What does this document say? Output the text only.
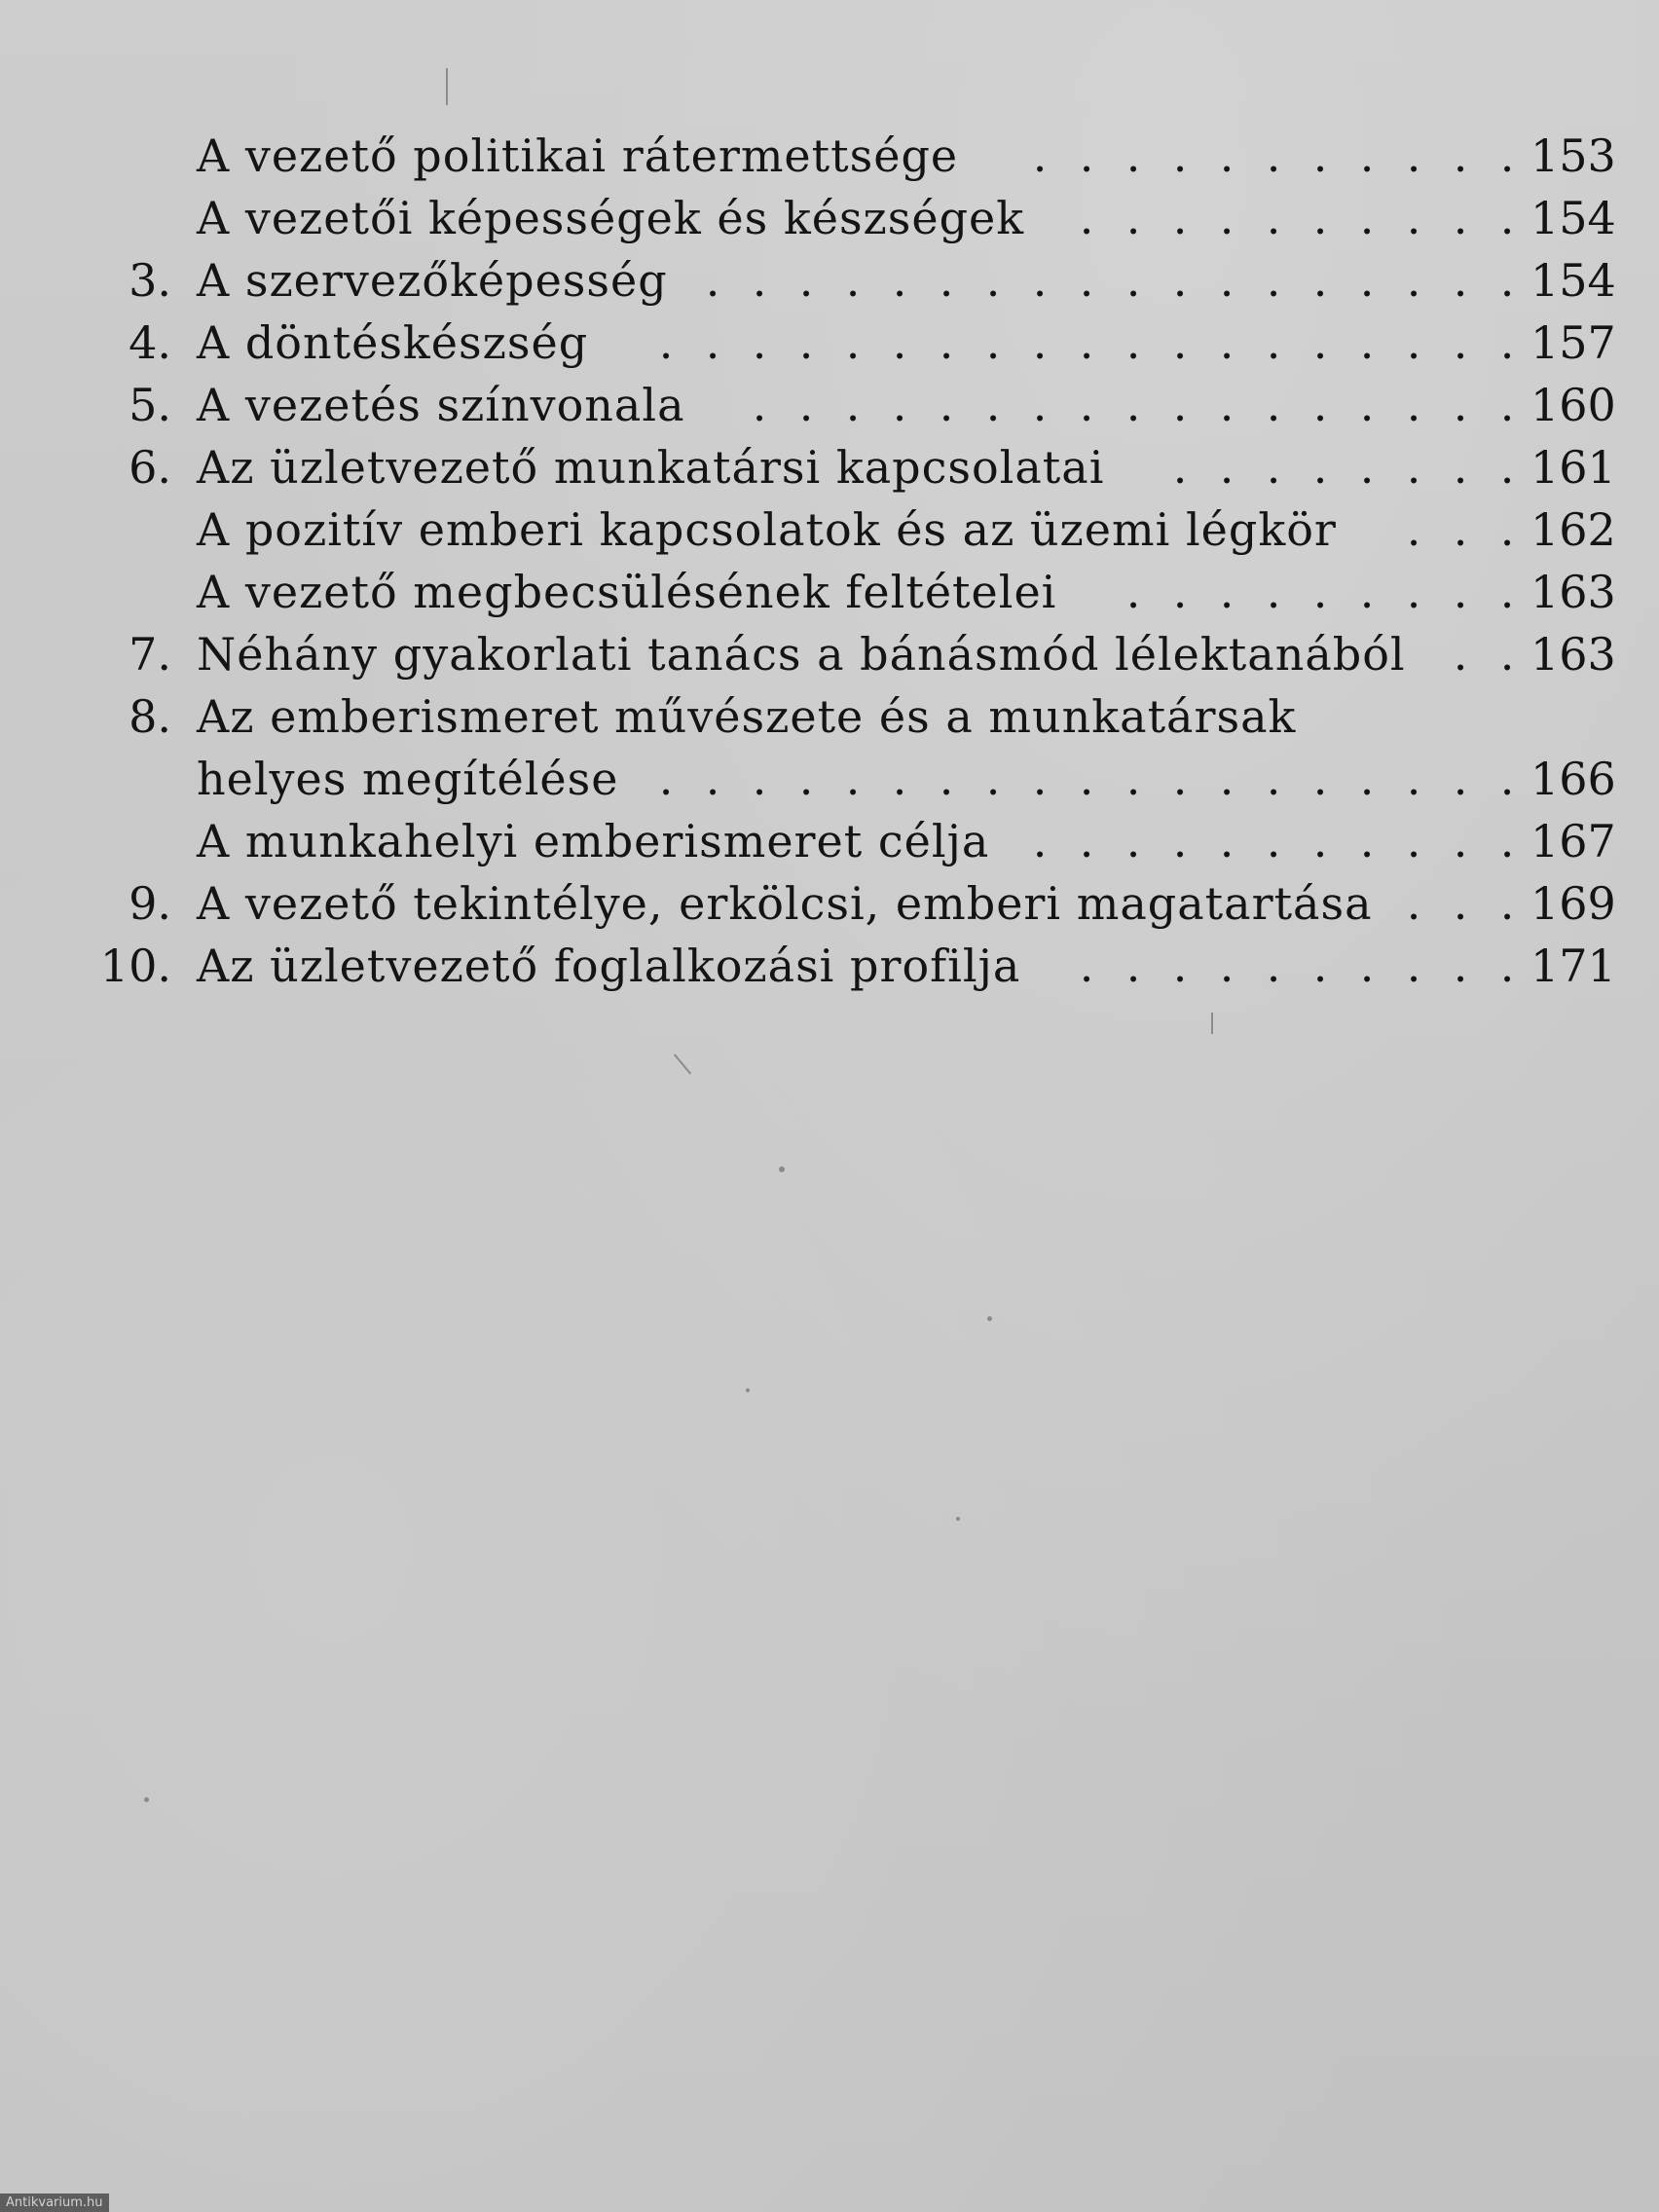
A vezető politikai rátermettsége	. . . . . . . . . . . 153
A vezetői képességek és készségek	. . . . . . . . . . 154
3. A szervezőképesség . . . . . . . . . . . . . . . . . . 154
4. A döntéskészség	. . . . . . . . . . . . . . . . . . . 157
5. A vezetés színvonala	. . . . . . . . . . . . . . . . . 160
6. Az üzletvezető munkatársi kapcsolatai	. . . . . . . . 161
A pozitív emberi kapcsolatok és az üzemi légkör	. . . 162
A vezető megbecsülésének feltételei	. . . . . . . . . 163
7. Néhány gyakorlati tanács a bánásmód lélektanából	. . 163
8. Az emberismeret művészete és a munkatársak
helyes megítélése . . . . . . . . . . . . . . . . . . . 166
A munkahelyi emberismeret célja . . . . . . . . . . . 167
9. A vezető tekintélye, erkölcsi, emberi magatartása . . . 169
10. Az üzletvezető foglalkozási profilja	. . . . . . . . . . 171
Antikvarium.hu
